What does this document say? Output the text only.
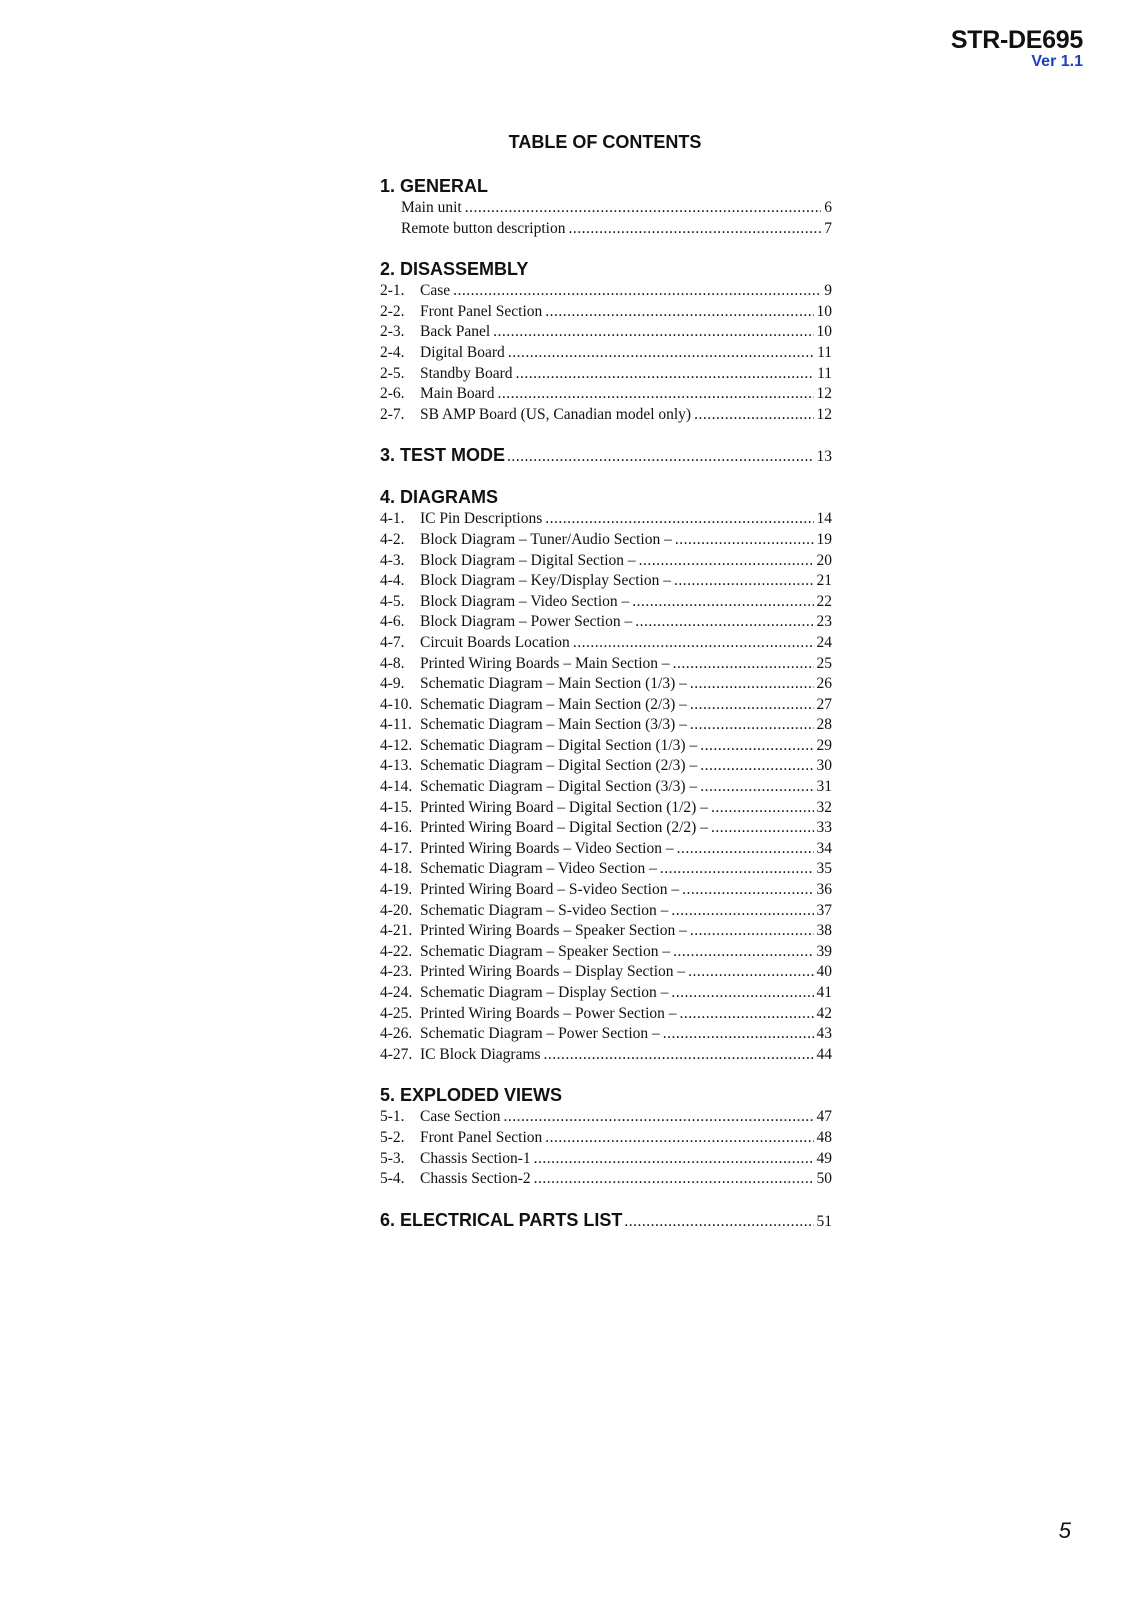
STR-DE695
Ver 1.1
TABLE OF CONTENTS
1. GENERAL
Main unit .....	6
Remote button description .....	7
2. DISASSEMBLY
2-1. Case .....	9
2-2. Front Panel Section .....	10
2-3. Back Panel .....	10
2-4. Digital Board .....	11
2-5. Standby Board .....	11
2-6. Main Board .....	12
2-7. SB AMP Board (US, Canadian model only) .....	12
3. TEST MODE .....	13
4. DIAGRAMS
4-1. IC Pin Descriptions .....	14
4-2. Block Diagram – Tuner/Audio Section – .....	19
4-3. Block Diagram – Digital Section – .....	20
4-4. Block Diagram – Key/Display Section – .....	21
4-5. Block Diagram – Video Section – .....	22
4-6. Block Diagram – Power Section – .....	23
4-7. Circuit Boards Location .....	24
4-8. Printed Wiring Boards – Main Section – .....	25
4-9. Schematic Diagram – Main Section (1/3) – .....	26
4-10. Schematic Diagram – Main Section (2/3) – .....	27
4-11. Schematic Diagram – Main Section (3/3) – .....	28
4-12. Schematic Diagram – Digital Section (1/3) – .....	29
4-13. Schematic Diagram – Digital Section (2/3) – .....	30
4-14. Schematic Diagram – Digital Section (3/3) – .....	31
4-15. Printed Wiring Board – Digital Section (1/2) – .....	32
4-16. Printed Wiring Board – Digital Section (2/2) – .....	33
4-17. Printed Wiring Boards – Video Section – .....	34
4-18. Schematic Diagram – Video Section – .....	35
4-19. Printed Wiring Board – S-video Section – .....	36
4-20. Schematic Diagram – S-video Section – .....	37
4-21. Printed Wiring Boards – Speaker Section – .....	38
4-22. Schematic Diagram – Speaker Section – .....	39
4-23. Printed Wiring Boards – Display Section – .....	40
4-24. Schematic Diagram – Display Section – .....	41
4-25. Printed Wiring Boards – Power Section – .....	42
4-26. Schematic Diagram – Power Section – .....	43
4-27. IC Block Diagrams .....	44
5. EXPLODED VIEWS
5-1. Case Section .....	47
5-2. Front Panel Section .....	48
5-3. Chassis Section-1 .....	49
5-4. Chassis Section-2 .....	50
6. ELECTRICAL PARTS LIST .....	51
5
